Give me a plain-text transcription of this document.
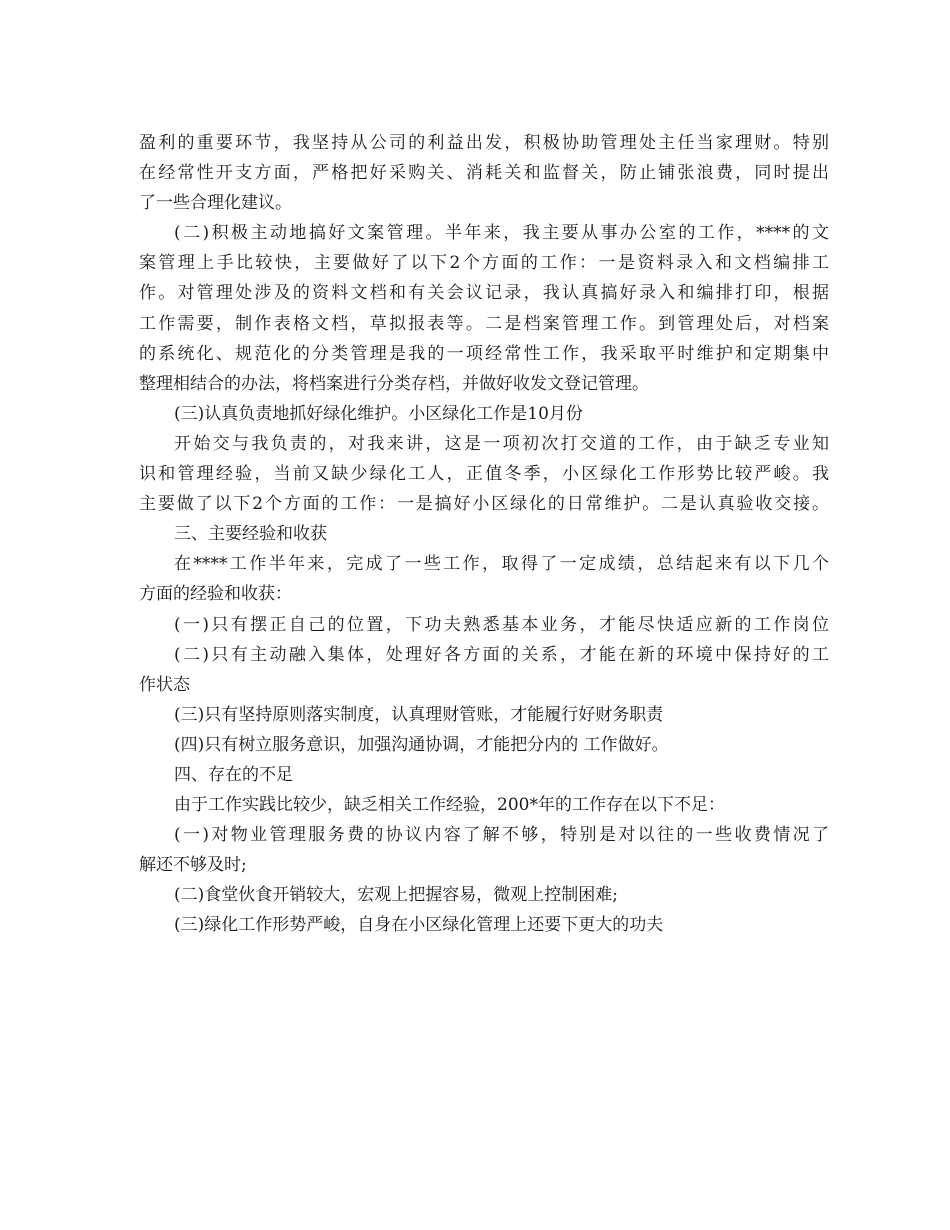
盈利的重要环节，我坚持从公司的利益出发，积极协助管理处主任当家理财。特别
在经常性开支方面，严格把好采购关、消耗关和监督关，防止铺张浪费，同时提出
了一些合理化建议。
(二)积极主动地搞好文案管理。半年来，我主要从事办公室的工作，****的文
案管理上手比较快，主要做好了以下2个方面的工作：一是资料录入和文档编排工
作。对管理处涉及的资料文档和有关会议记录，我认真搞好录入和编排打印，根据
工作需要，制作表格文档，草拟报表等。二是档案管理工作。到管理处后，对档案
的系统化、规范化的分类管理是我的一项经常性工作，我采取平时维护和定期集中
整理相结合的办法，将档案进行分类存档，并做好收发文登记管理。
(三)认真负责地抓好绿化维护。小区绿化工作是10月份
开始交与我负责的，对我来讲，这是一项初次打交道的工作，由于缺乏专业知
识和管理经验，当前又缺少绿化工人，正值冬季，小区绿化工作形势比较严峻。我
主要做了以下2个方面的工作：一是搞好小区绿化的日常维护。二是认真验收交接。
三、主要经验和收获
在****工作半年来，完成了一些工作，取得了一定成绩，总结起来有以下几个
方面的经验和收获：
(一)只有摆正自己的位置，下功夫熟悉基本业务，才能尽快适应新的工作岗位
(二)只有主动融入集体，处理好各方面的关系，才能在新的环境中保持好的工
作状态
(三)只有坚持原则落实制度，认真理财管账，才能履行好财务职责
(四)只有树立服务意识，加强沟通协调，才能把分内的 工作做好。
四、存在的不足
由于工作实践比较少，缺乏相关工作经验，200*年的工作存在以下不足：
(一)对物业管理服务费的协议内容了解不够，特别是对以往的一些收费情况了
解还不够及时;
(二)食堂伙食开销较大，宏观上把握容易，微观上控制困难;
(三)绿化工作形势严峻，自身在小区绿化管理上还要下更大的功夫
